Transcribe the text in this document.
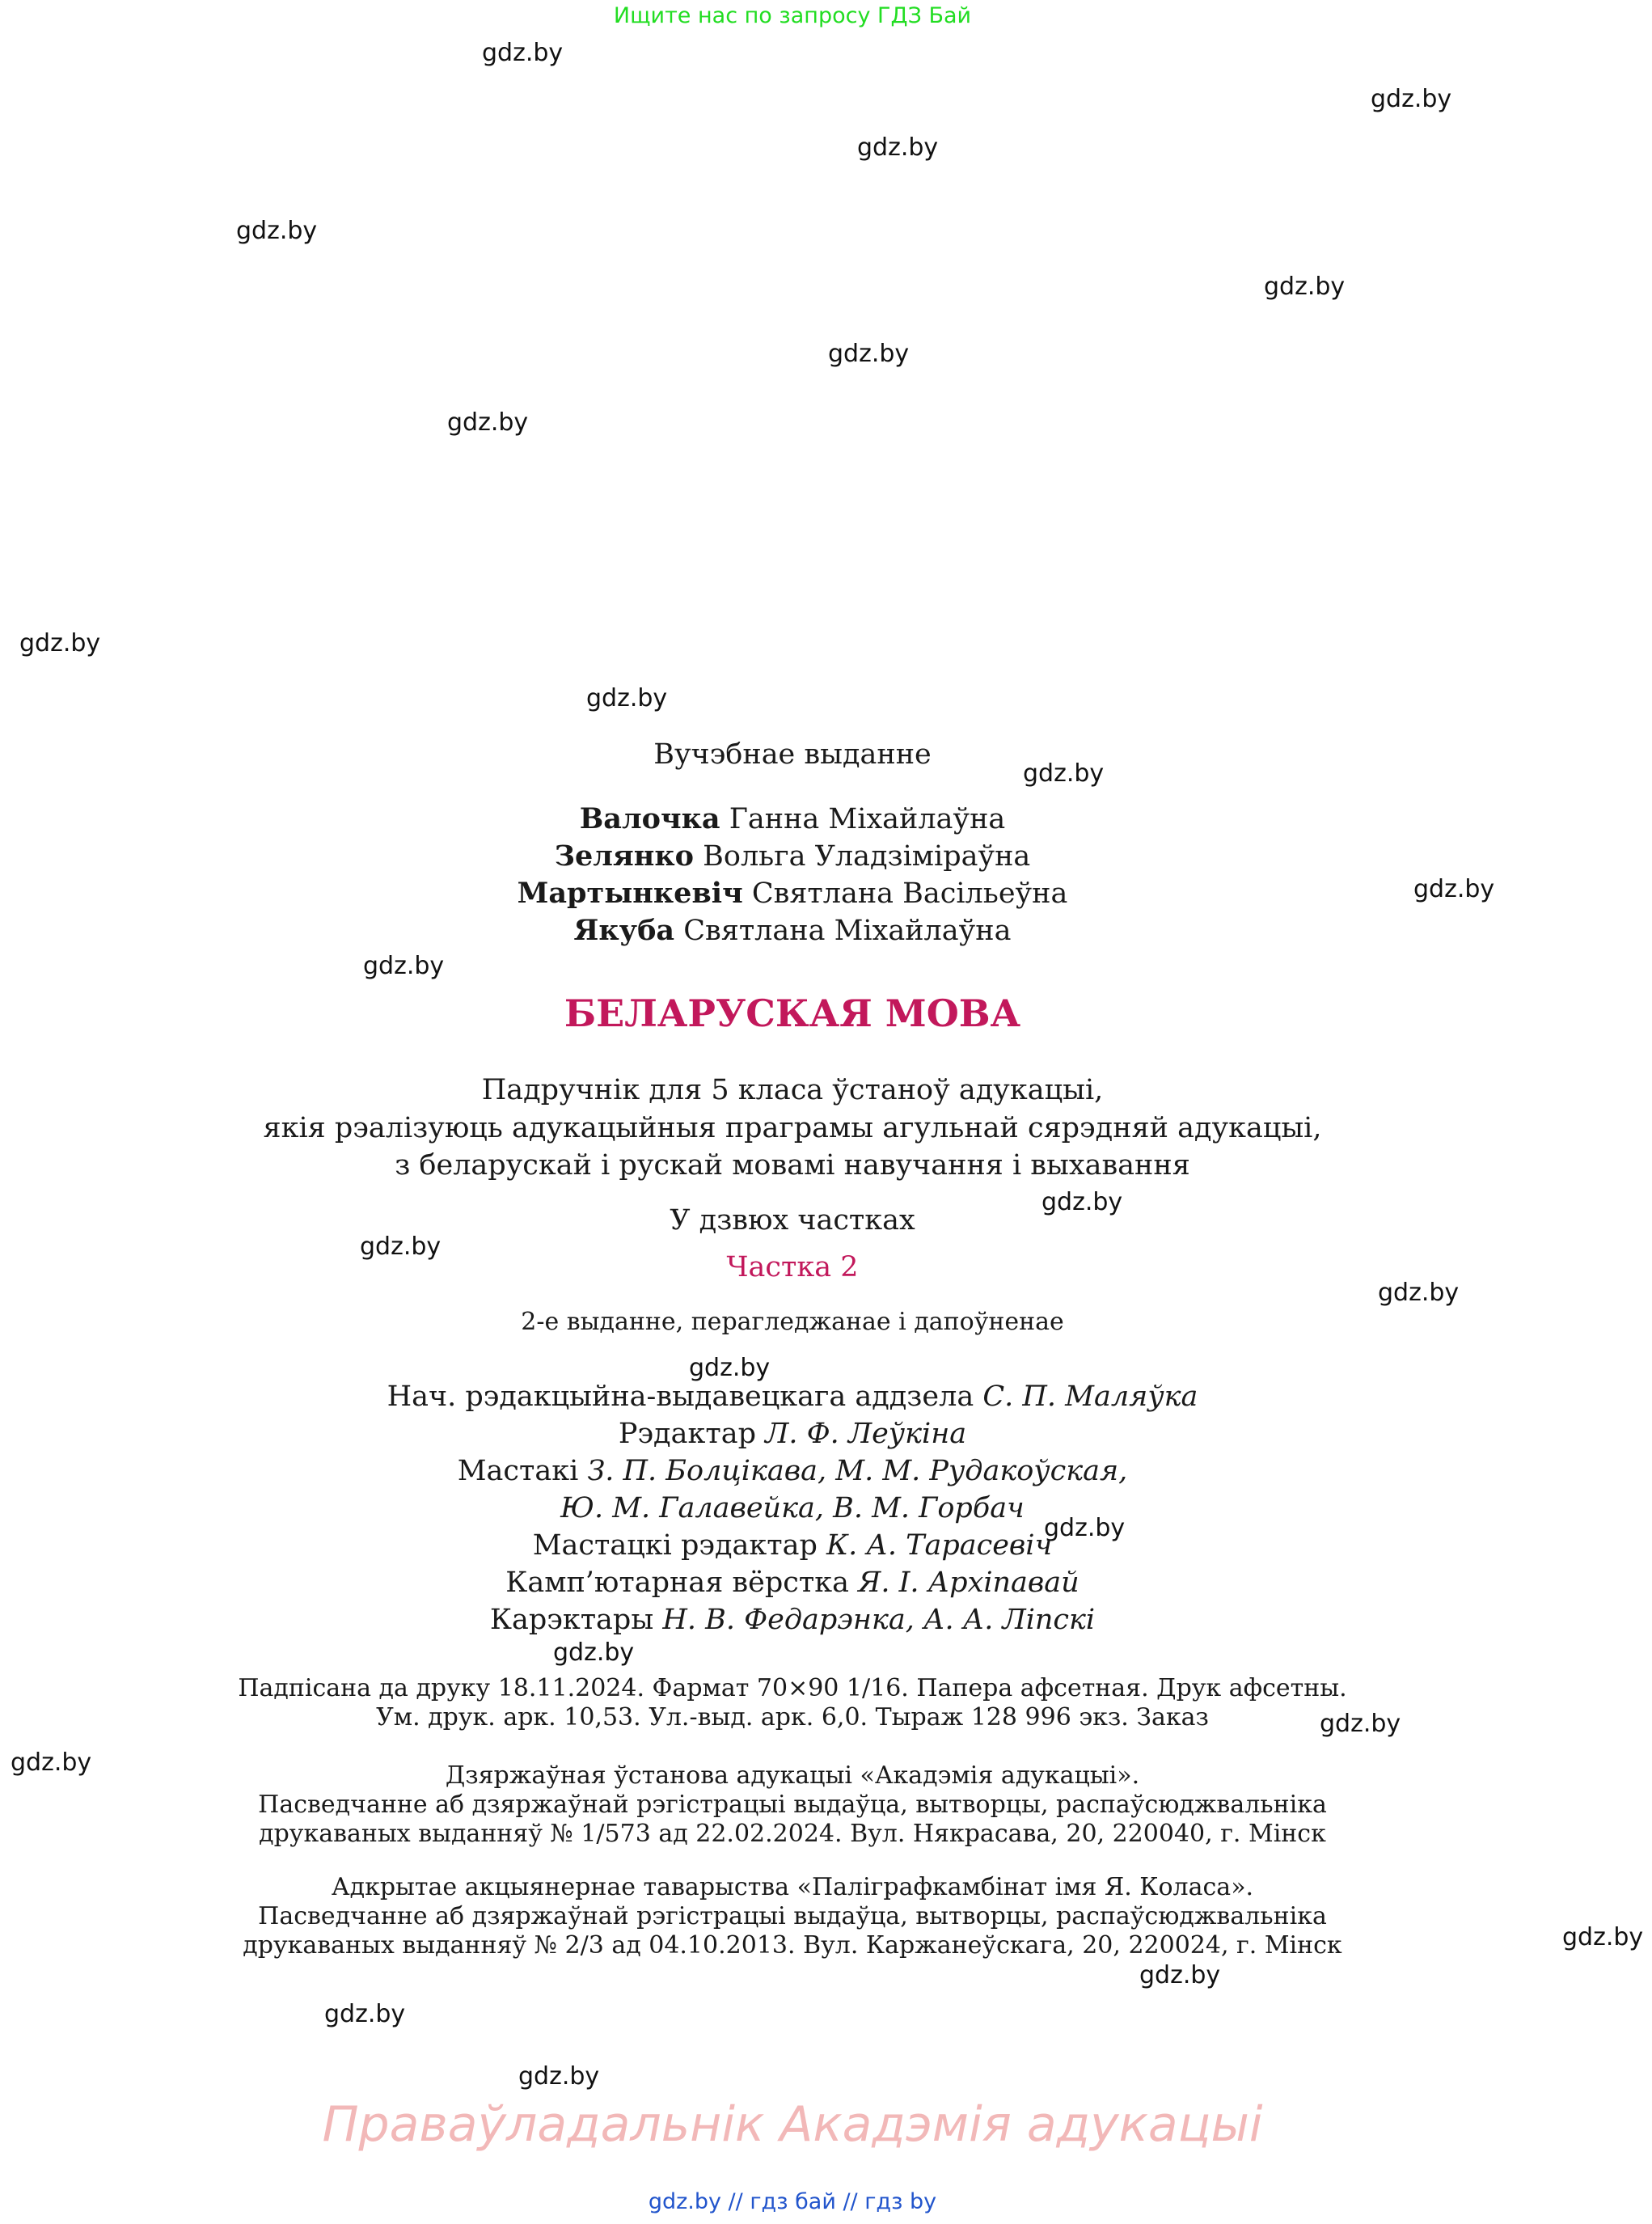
Ищите нас по запросу ГДЗ Бай
gdz.by
gdz.by
gdz.by
gdz.by
gdz.by
gdz.by
gdz.by
gdz.by
gdz.by
gdz.by
gdz.by
gdz.by
gdz.by
gdz.by
gdz.by
gdz.by
gdz.by
gdz.by
gdz.by
gdz.by
gdz.by
gdz.by
gdz.by
gdz.by
Вучэбнае выданне
Валочка Ганна Міхайлаўна
Зелянко Вольга Уладзіміраўна
Мартынкевіч Святлана Васільеўна
Якуба Святлана Міхайлаўна
БЕЛАРУСКАЯ МОВА
Падручнік для 5 класа ўстаноў адукацыі,
якія рэалізуюць адукацыйныя праграмы агульнай сярэдняй адукацыі,
з беларускай і рускай мовамі навучання і выхавання
У дзвюх частках
Частка 2
2-е выданне, перагледжанае і дапоўненае
Нач. рэдакцыйна-выдавецкага аддзела С. П. Маляўка
Рэдактар Л. Ф. Леўкіна
Мастакі З. П. Болцікава, М. М. Рудакоўская,
Ю. М. Галавейка, В. М. Горбач
Мастацкі рэдактар К. А. Тарасевіч
Камп’ютарная вёрстка Я. І. Архіпавай
Карэктары Н. В. Федарэнка, А. А. Ліпскі
Падпісана да друку 18.11.2024. Фармат 70×90 1/16. Папера афсетная. Друк афсетны.
Ум. друк. арк. 10,53. Ул.-выд. арк. 6,0. Тыраж 128 996 экз. Заказ
Дзяржаўная ўстанова адукацыі «Акадэмія адукацыі».
Пасведчанне аб дзяржаўнай рэгістрацыі выдаўца, вытворцы, распаўсюджвальніка
друкаваных выданняў № 1/573 ад 22.02.2024. Вул. Някрасава, 20, 220040, г. Мінск
Адкрытае акцыянернае таварыства «Паліграфкамбінат імя Я. Коласа».
Пасведчанне аб дзяржаўнай рэгістрацыі выдаўца, вытворцы, распаўсюджвальніка
друкаваных выданняў № 2/3 ад 04.10.2013. Вул. Каржанеўскага, 20, 220024, г. Мінск
Праваўладальнік Акадэмія адукацыі
gdz.by // гдз бай // гдз by
